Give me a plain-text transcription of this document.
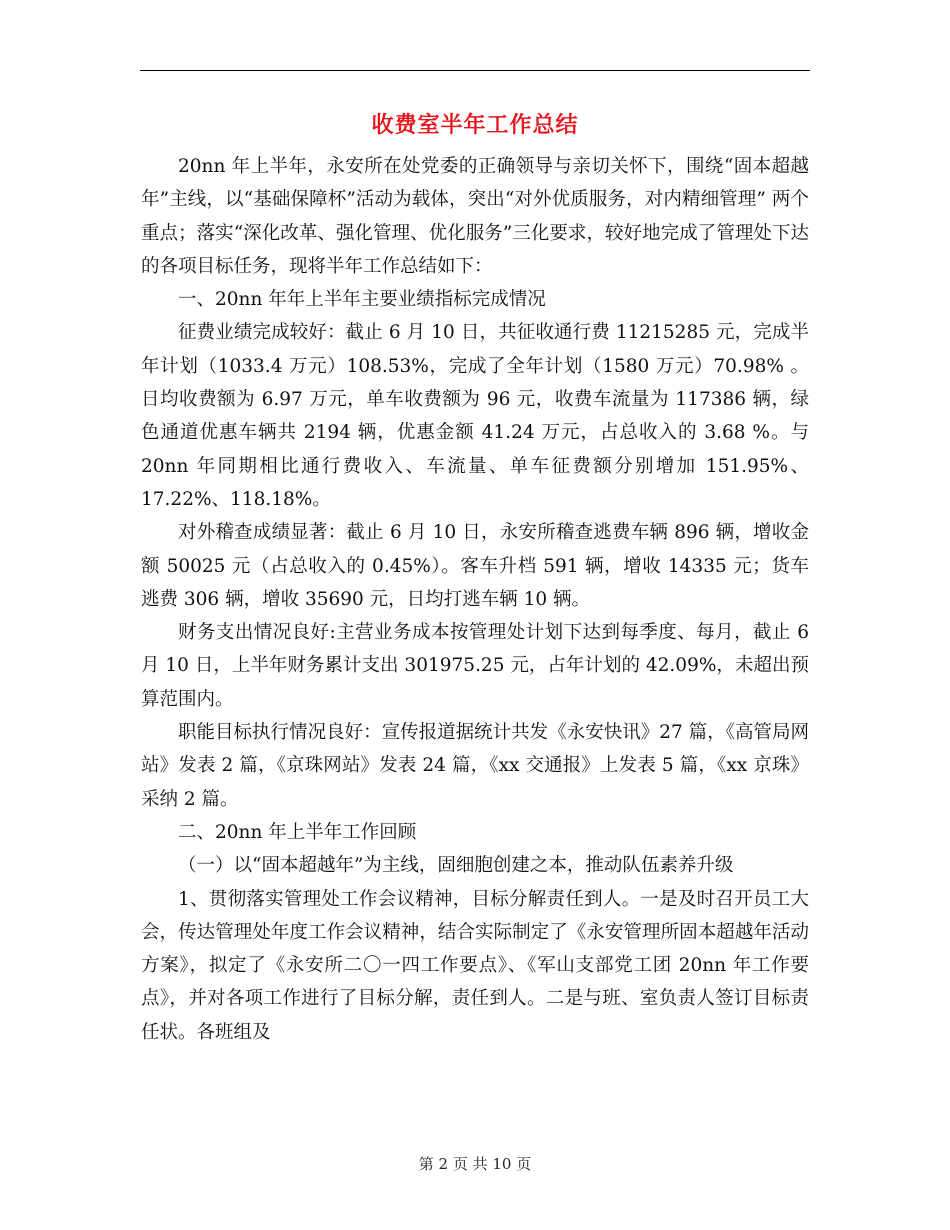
收费室半年工作总结

20nn 年上半年，永安所在处党委的正确领导与亲切关怀下，围绕“固本超越年”主线，以“基础保障杯”活动为载体，突出“对外优质服务，对内精细管理” 两个重点；落实“深化改革、强化管理、优化服务”三化要求，较好地完成了管理处下达的各项目标任务，现将半年工作总结如下：

一、20nn 年年上半年主要业绩指标完成情况

征费业绩完成较好：截止 6 月 10 日，共征收通行费 11215285 元，完成半年计划（1033.4 万元）108.53%，完成了全年计划（1580 万元）70.98% 。日均收费额为 6.97 万元，单车收费额为 96 元，收费车流量为 117386 辆，绿色通道优惠车辆共 2194 辆，优惠金额 41.24 万元，占总收入的 3.68 %。与 20nn 年同期相比通行费收入、车流量、单车征费额分别增加 151.95%、17.22%、118.18%。

对外稽查成绩显著：截止 6 月 10 日，永安所稽查逃费车辆 896 辆，增收金额 50025 元（占总收入的 0.45%）。客车升档 591 辆，增收 14335 元；货车逃费 306 辆，增收 35690 元，日均打逃车辆 10 辆。

财务支出情况良好:主营业务成本按管理处计划下达到每季度、每月，截止 6 月 10 日，上半年财务累计支出 301975.25 元，占年计划的 42.09%，未超出预算范围内。

职能目标执行情况良好：宣传报道据统计共发《永安快讯》27 篇，《高管局网站》发表 2 篇，《京珠网站》发表 24 篇，《xx 交通报》上发表 5 篇，《xx 京珠》采纳 2 篇。

二、20nn 年上半年工作回顾

（一）以“固本超越年”为主线，固细胞创建之本，推动队伍素养升级

1、贯彻落实管理处工作会议精神，目标分解责任到人。一是及时召开员工大会，传达管理处年度工作会议精神，结合实际制定了《永安管理所固本超越年活动方案》，拟定了《永安所二〇一四工作要点》、《军山支部党工团 20nn 年工作要点》，并对各项工作进行了目标分解，责任到人。二是与班、室负责人签订目标责任状。各班组及

第 2 页 共 10 页
